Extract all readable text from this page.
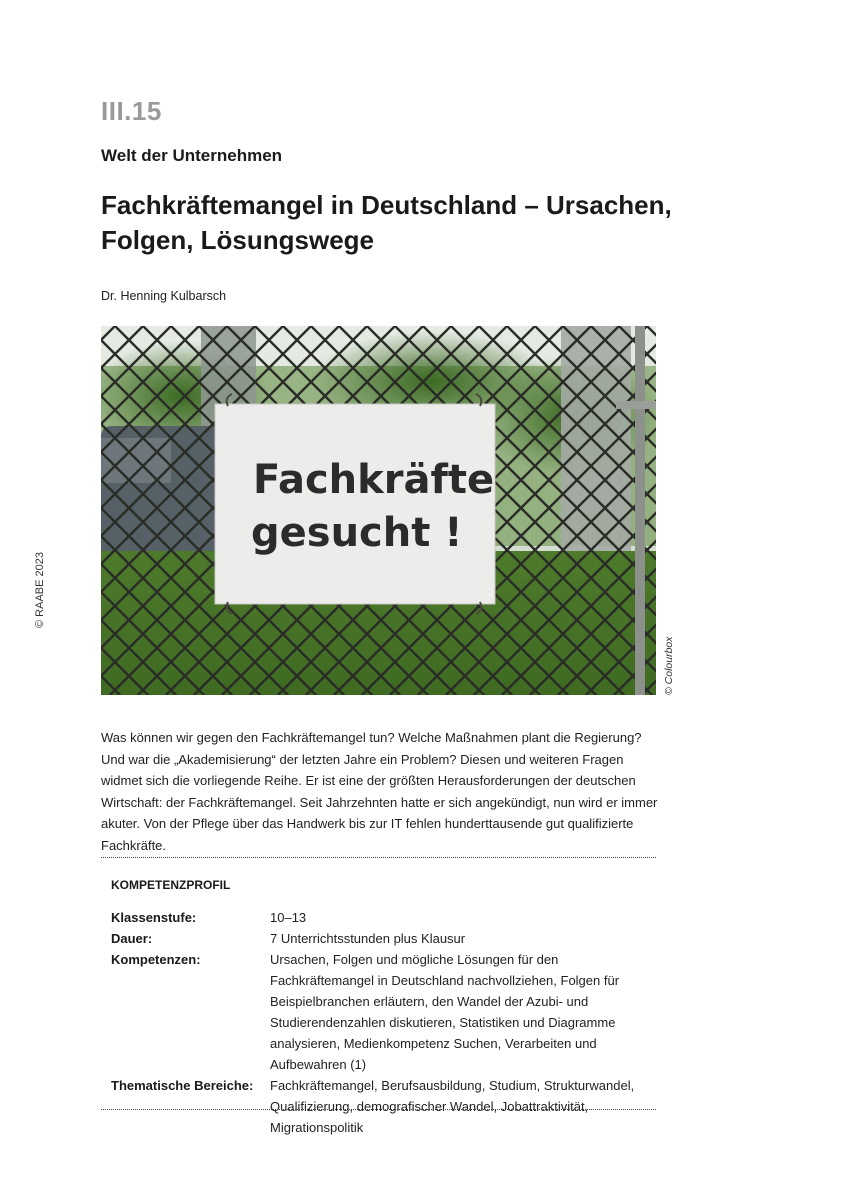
III.15
Welt der Unternehmen
Fachkräftemangel in Deutschland – Ursachen, Folgen, Lösungswege
Dr. Henning Kulbarsch
© RAABE 2023
Fachkräfte
gesucht !
© Colourbox
Was können wir gegen den Fachkräftemangel tun? Welche Maßnahmen plant die Regierung? Und war die „Akademisierung“ der letzten Jahre ein Problem? Diesen und weiteren Fragen widmet sich die vorliegende Reihe. Er ist eine der größten Herausforderungen der deutschen Wirtschaft: der Fachkräftemangel. Seit Jahrzehnten hatte er sich angekündigt, nun wird er immer akuter. Von der Pflege über das Handwerk bis zur IT fehlen hunderttausende gut qualifizierte Fachkräfte.
KOMPETENZPROFIL
Klassenstufe:	10–13
Dauer:	7 Unterrichtsstunden plus Klausur
Kompetenzen:	Ursachen, Folgen und mögliche Lösungen für den Fachkräftemangel in Deutschland nachvollziehen, Folgen für Beispielbranchen erläutern, den Wandel der Azubi- und Studierendenzahlen diskutieren, Statistiken und Diagramme analysieren, Medienkompetenz Suchen, Verarbeiten und Aufbewahren (1)
Thematische Bereiche:	Fachkräftemangel, Berufsausbildung, Studium, Strukturwandel, Qualifizierung, demografischer Wandel, Jobattraktivität, Migrationspolitik
